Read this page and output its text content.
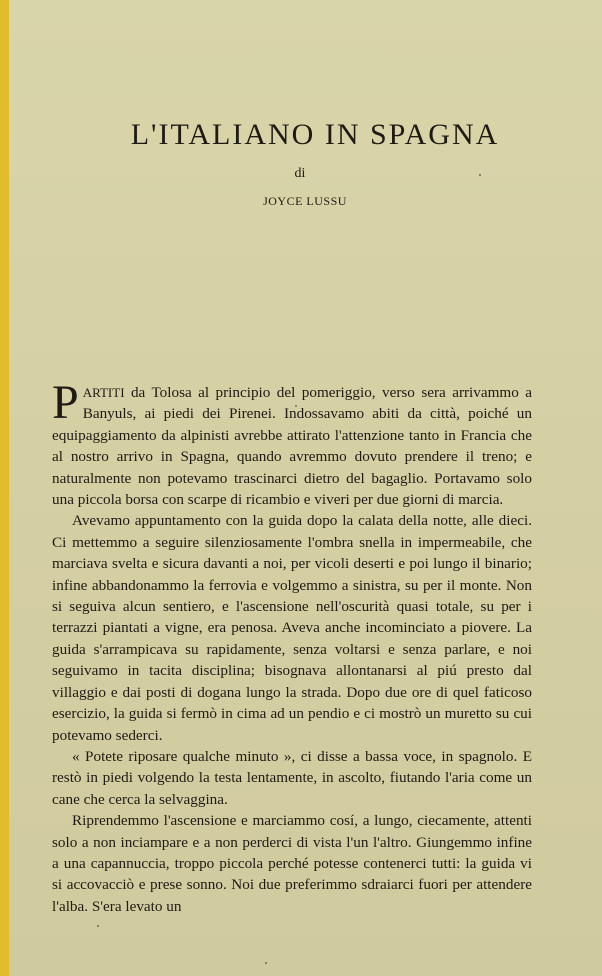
L'ITALIANO IN SPAGNA

di

JOYCE LUSSU

PARTITI da Tolosa al principio del pomeriggio, verso sera arrivammo a Banyuls, ai piedi dei Pirenei. Indossavamo abiti da città, poiché un equipaggiamento da alpinisti avrebbe attirato l'attenzione tanto in Francia che al nostro arrivo in Spagna, quando avremmo dovuto prendere il treno; e naturalmente non potevamo trascinarci dietro del bagaglio. Portavamo solo una piccola borsa con scarpe di ricambio e viveri per due giorni di marcia.

Avevamo appuntamento con la guida dopo la calata della notte, alle dieci. Ci mettemmo a seguire silenziosamente l'ombra snella in impermeabile, che marciava svelta e sicura davanti a noi, per vicoli deserti e poi lungo il binario; infine abbandonammo la ferrovia e volgemmo a sinistra, su per il monte. Non si seguiva alcun sentiero, e l'ascensione nell'oscurità quasi totale, su per i terrazzi piantati a vigne, era penosa. Aveva anche incominciato a piovere. La guida s'arrampicava su rapidamente, senza voltarsi e senza parlare, e noi seguivamo in tacita disciplina; bisognava allontanarsi al piú presto dal villaggio e dai posti di dogana lungo la strada. Dopo due ore di quel faticoso esercizio, la guida si fermò in cima ad un pendio e ci mostrò un muretto su cui potevamo sederci.

« Potete riposare qualche minuto », ci disse a bassa voce, in spagnolo. E restò in piedi volgendo la testa lentamente, in ascolto, fiutando l'aria come un cane che cerca la selvaggina.

Riprendemmo l'ascensione e marciammo cosí, a lungo, ciecamente, attenti solo a non inciampare e a non perderci di vista l'un l'altro. Giungemmo infine a una capannuccia, troppo piccola perché potesse contenerci tutti: la guida vi si accovacciò e prese sonno. Noi due preferimmo sdraiarci fuori per attendere l'alba. S'era levato un
